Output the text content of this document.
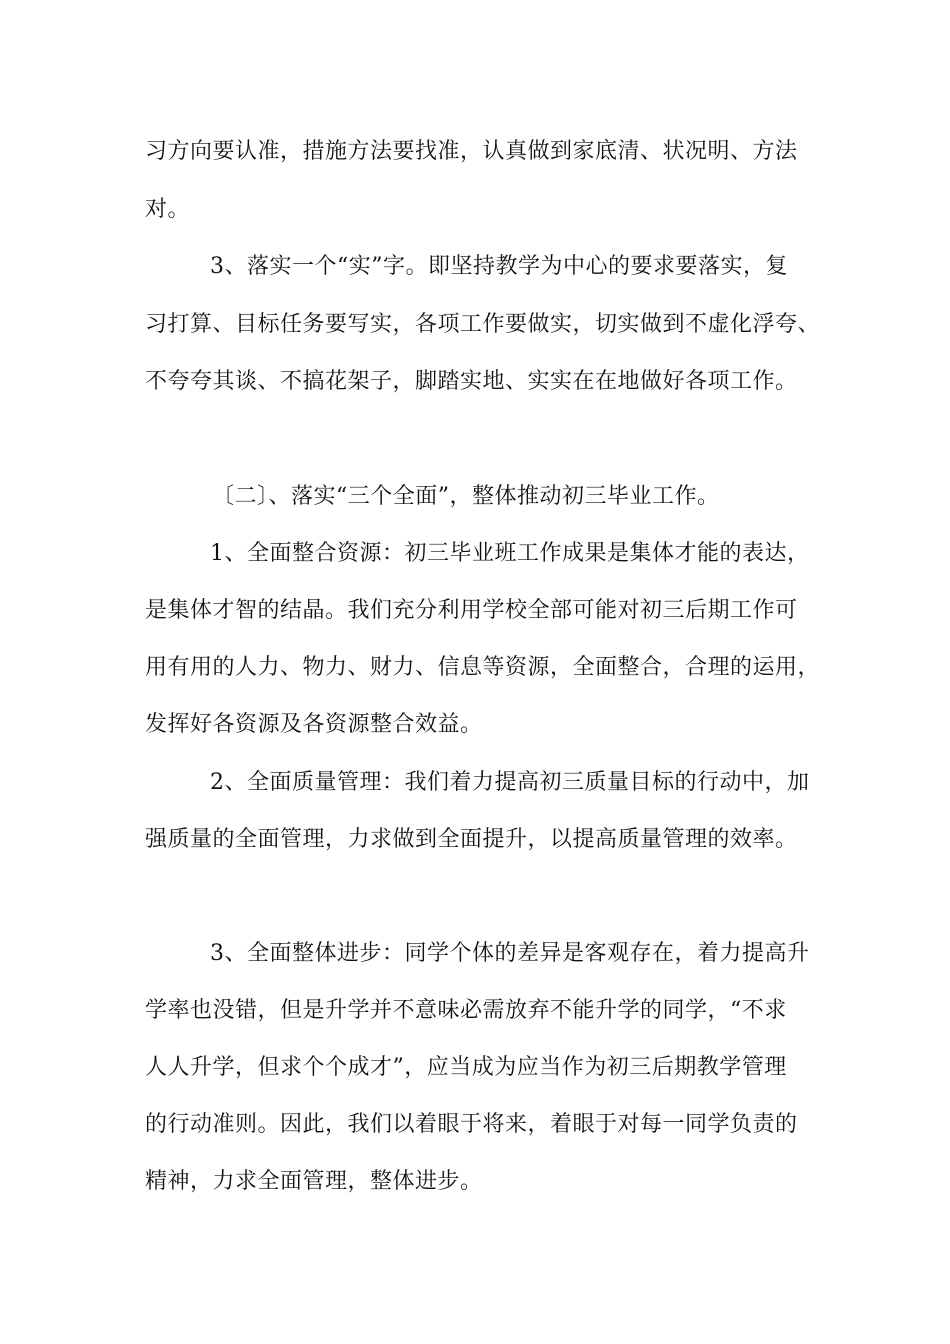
习方向要认准，措施方法要找准，认真做到家底清、状况明、方法

对。

3、落实一个“实”字。即坚持教学为中心的要求要落实，复

习打算、目标任务要写实，各项工作要做实，切实做到不虚化浮夸、

不夸夸其谈、不搞花架子，脚踏实地、实实在在地做好各项工作。

〔二〕、落实“三个全面”，整体推动初三毕业工作。

1、全面整合资源：初三毕业班工作成果是集体才能的表达，

是集体才智的结晶。我们充分利用学校全部可能对初三后期工作可

用有用的人力、物力、财力、信息等资源，全面整合，合理的运用，

发挥好各资源及各资源整合效益。

2、全面质量管理：我们着力提高初三质量目标的行动中，加

强质量的全面管理，力求做到全面提升，以提高质量管理的效率。

3、全面整体进步：同学个体的差异是客观存在，着力提高升

学率也没错，但是升学并不意味必需放弃不能升学的同学，“不求

人人升学，但求个个成才”，应当成为应当作为初三后期教学管理

的行动准则。因此，我们以着眼于将来，着眼于对每一同学负责的

精神，力求全面管理，整体进步。
